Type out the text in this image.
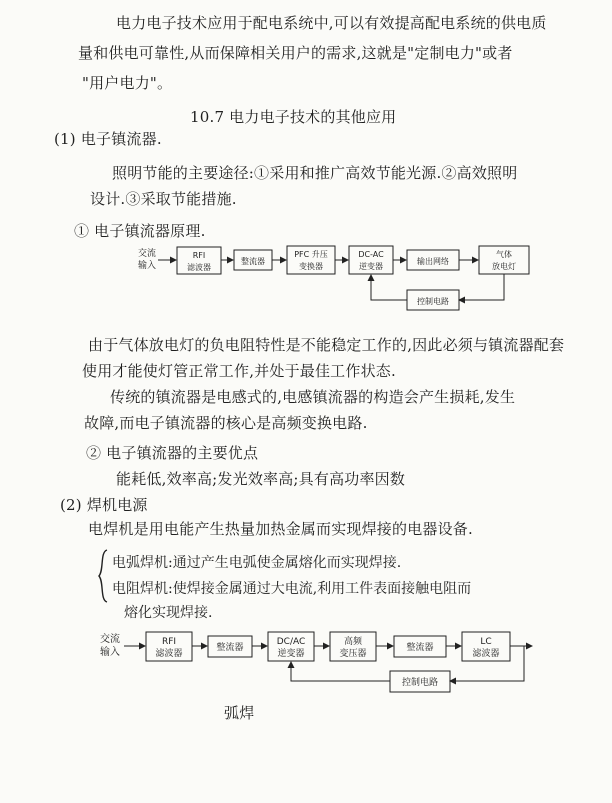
电力电子技术应用于配电系统中,可以有效提高配电系统的供电质
量和供电可靠性,从而保障相关用户的需求,这就是"定制电力"或者
"用户电力"。
10.7 电力电子技术的其他应用
(1) 电子镇流器.
照明节能的主要途径:①采用和推广高效节能光源.②高效照明
设计.③采取节能措施.
① 电子镇流器原理.
交流
输入
RFI
滤波器
整流器
PFC 升压
变换器
DC-AC
逆变器
输出网络
气体
放电灯
控制电路
由于气体放电灯的负电阻特性是不能稳定工作的,因此必须与镇流器配套
使用才能使灯管正常工作,并处于最佳工作状态.
传统的镇流器是电感式的,电感镇流器的构造会产生损耗,发生
故障,而电子镇流器的核心是高频变换电路.
② 电子镇流器的主要优点
能耗低,效率高;发光效率高;具有高功率因数
(2) 焊机电源
电焊机是用电能产生热量加热金属而实现焊接的电器设备.
电弧焊机:通过产生电弧使金属熔化而实现焊接.
电阻焊机:使焊接金属通过大电流,利用工件表面接触电阻而
熔化实现焊接.
交流
输入
RFI
滤波器
整流器
DC/AC
逆变器
高频
变压器
整流器
LC
滤波器
控制电路
弧焊
